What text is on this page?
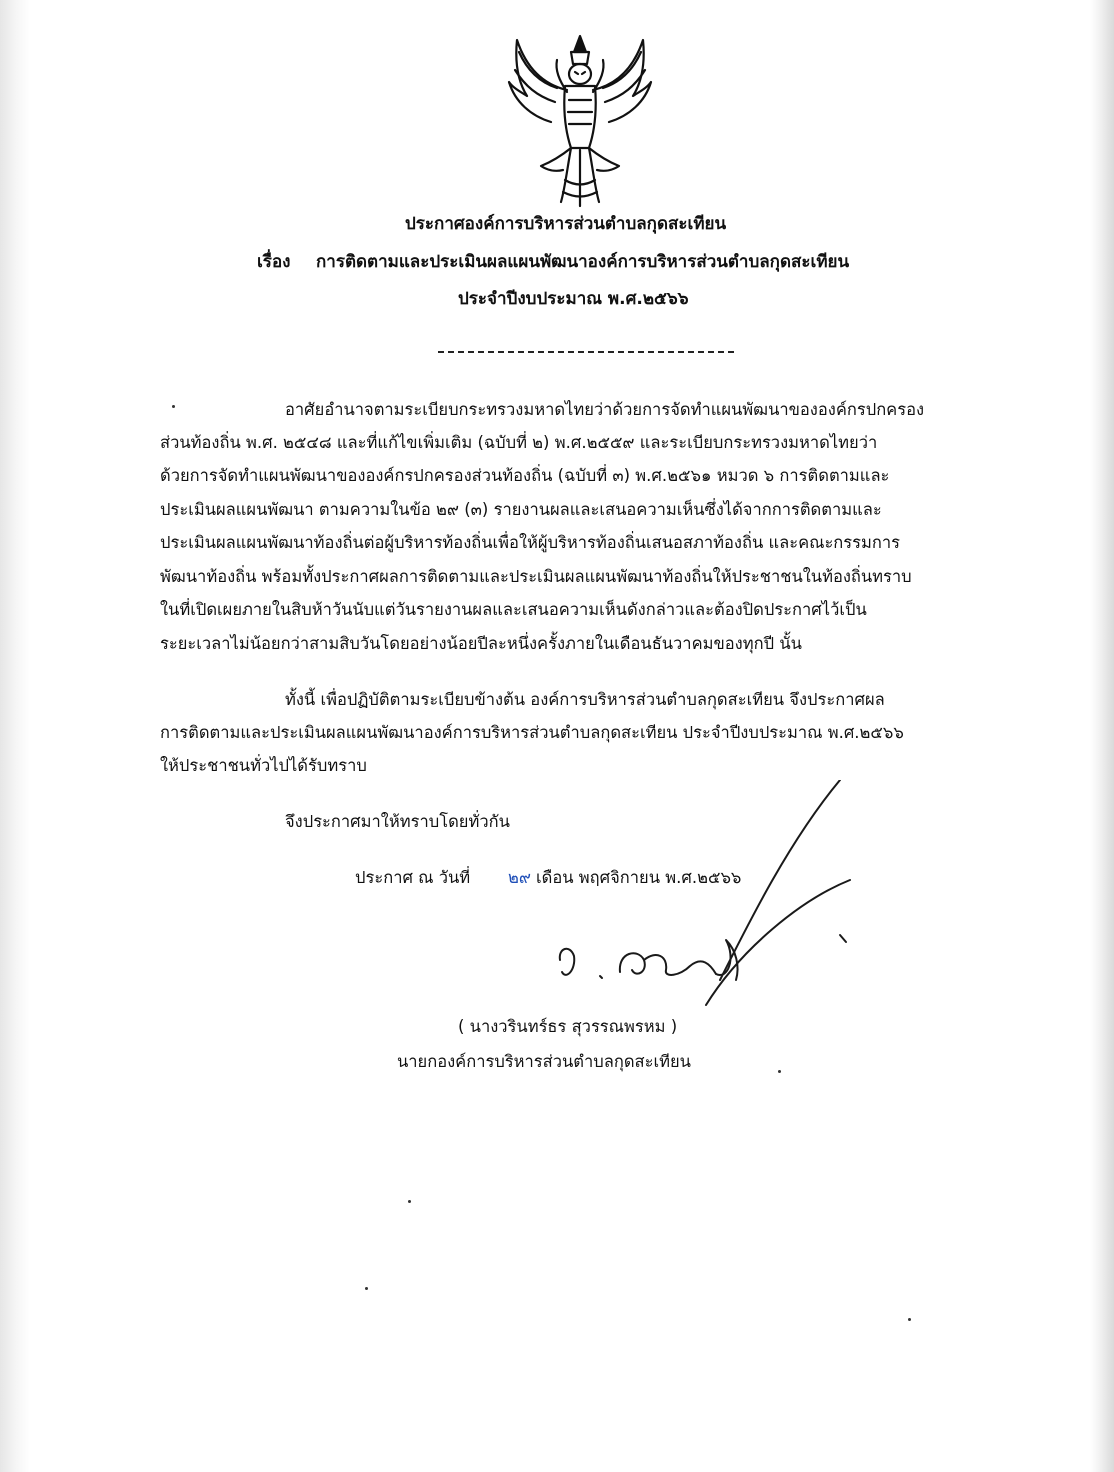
ประกาศองค์การบริหารส่วนตำบลกุดสะเทียน
เรื่อง การติดตามและประเมินผลแผนพัฒนาองค์การบริหารส่วนตำบลกุดสะเทียน
ประจำปีงบประมาณ พ.ศ.๒๕๖๖
อาศัยอำนาจตามระเบียบกระทรวงมหาดไทยว่าด้วยการจัดทำแผนพัฒนาขององค์กรปกครอง
ส่วนท้องถิ่น พ.ศ. ๒๕๔๘ และที่แก้ไขเพิ่มเติม (ฉบับที่ ๒) พ.ศ.๒๕๕๙ และระเบียบกระทรวงมหาดไทยว่า
ด้วยการจัดทำแผนพัฒนาขององค์กรปกครองส่วนท้องถิ่น (ฉบับที่ ๓) พ.ศ.๒๕๖๑ หมวด ๖ การติดตามและ
ประเมินผลแผนพัฒนา ตามความในข้อ ๒๙ (๓) รายงานผลและเสนอความเห็นซึ่งได้จากการติดตามและ
ประเมินผลแผนพัฒนาท้องถิ่นต่อผู้บริหารท้องถิ่นเพื่อให้ผู้บริหารท้องถิ่นเสนอสภาท้องถิ่น และคณะกรรมการ
พัฒนาท้องถิ่น พร้อมทั้งประกาศผลการติดตามและประเมินผลแผนพัฒนาท้องถิ่นให้ประชาชนในท้องถิ่นทราบ
ในที่เปิดเผยภายในสิบห้าวันนับแต่วันรายงานผลและเสนอความเห็นดังกล่าวและต้องปิดประกาศไว้เป็น
ระยะเวลาไม่น้อยกว่าสามสิบวันโดยอย่างน้อยปีละหนึ่งครั้งภายในเดือนธันวาคมของทุกปี นั้น
ทั้งนี้ เพื่อปฏิบัติตามระเบียบข้างต้น องค์การบริหารส่วนตำบลกุดสะเทียน จึงประกาศผล
การติดตามและประเมินผลแผนพัฒนาองค์การบริหารส่วนตำบลกุดสะเทียน ประจำปีงบประมาณ พ.ศ.๒๕๖๖
ให้ประชาชนทั่วไปได้รับทราบ
จึงประกาศมาให้ทราบโดยทั่วกัน
ประกาศ ณ วันที่ ๒๙ เดือน พฤศจิกายน พ.ศ.๒๕๖๖
( นางวรินทร์ธร สุวรรณพรหม )
นายกองค์การบริหารส่วนตำบลกุดสะเทียน
